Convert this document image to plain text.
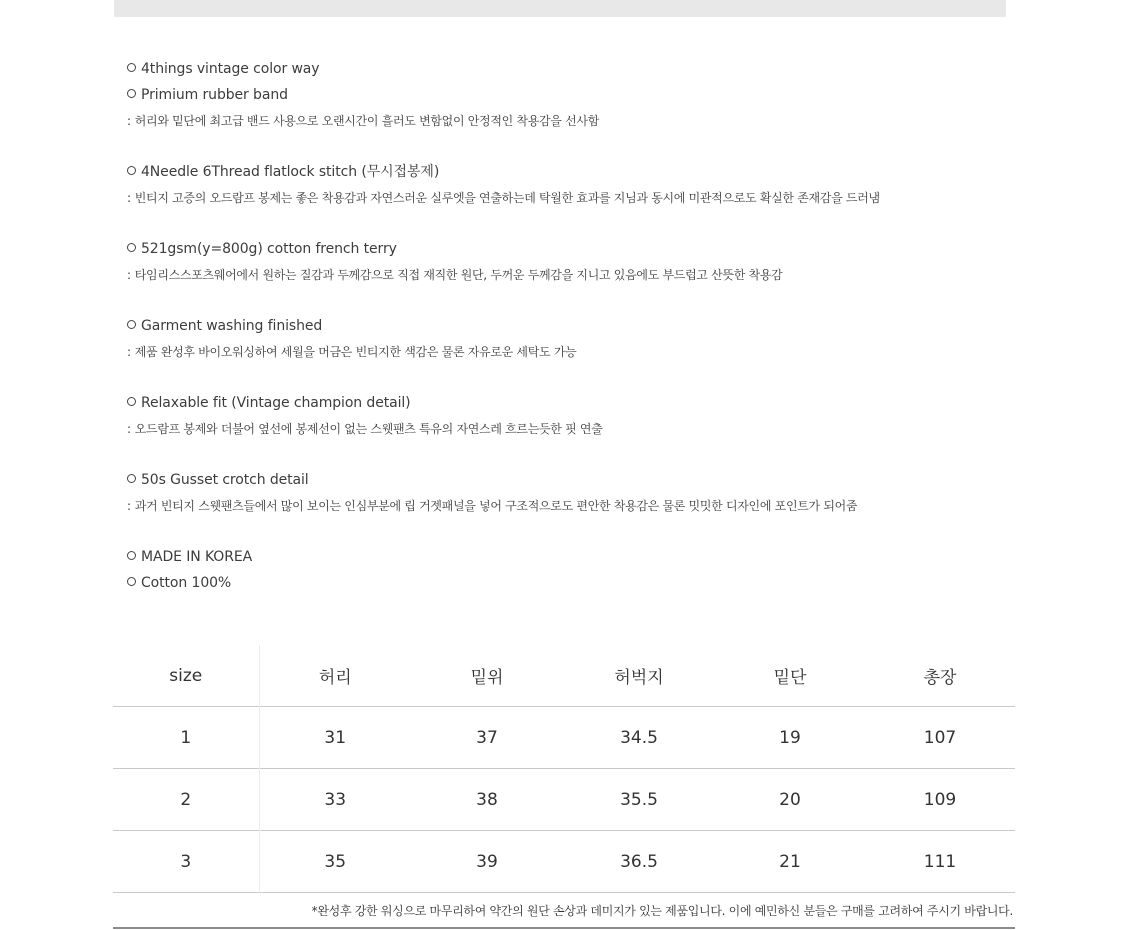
4things vintage color way
Primium rubber band
: 허리와 밑단에 최고급 밴드 사용으로 오랜시간이 흘러도 변함없이 안정적인 착용감을 선사함
4Needle 6Thread flatlock stitch (무시접봉제)
: 빈티지 고증의 오드람프 봉제는 좋은 착용감과 자연스러운 실루엣을 연출하는데 탁월한 효과를 지님과 동시에 미관적으로도 확실한 존재감을 드러냄
521gsm(y=800g) cotton french terry
: 타임리스스포츠웨어에서 원하는 질감과 두께감으로 직접 재직한 원단, 두꺼운 두께감을 지니고 있음에도 부드럽고 산뜻한 착용감
Garment washing finished
: 제품 완성후 바이오워싱하여 세월을 머금은 빈티지한 색감은 물론 자유로운 세탁도 가능
Relaxable fit (Vintage champion detail)
: 오드람프 봉제와 더불어 옆선에 봉제선이 없는 스웻팬츠 특유의 자연스레 흐르는듯한 핏 연출
50s Gusset crotch detail
: 과거 빈티지 스웻팬츠들에서 많이 보이는 인심부분에 립 거젯패널을 넣어 구조적으로도 편안한 착용감은 물론 밋밋한 디자인에 포인트가 되어줌
MADE IN KOREA
Cotton 100%
size	허리	밑위	허벅지	밑단	총장
1	31	37	34.5	19	107
2	33	38	35.5	20	109
3	35	39	36.5	21	111
*완성후 강한 워싱으로 마무리하여 약간의 원단 손상과 데미지가 있는 제품입니다. 이에 예민하신 분들은 구매를 고려하여 주시기 바랍니다.					
